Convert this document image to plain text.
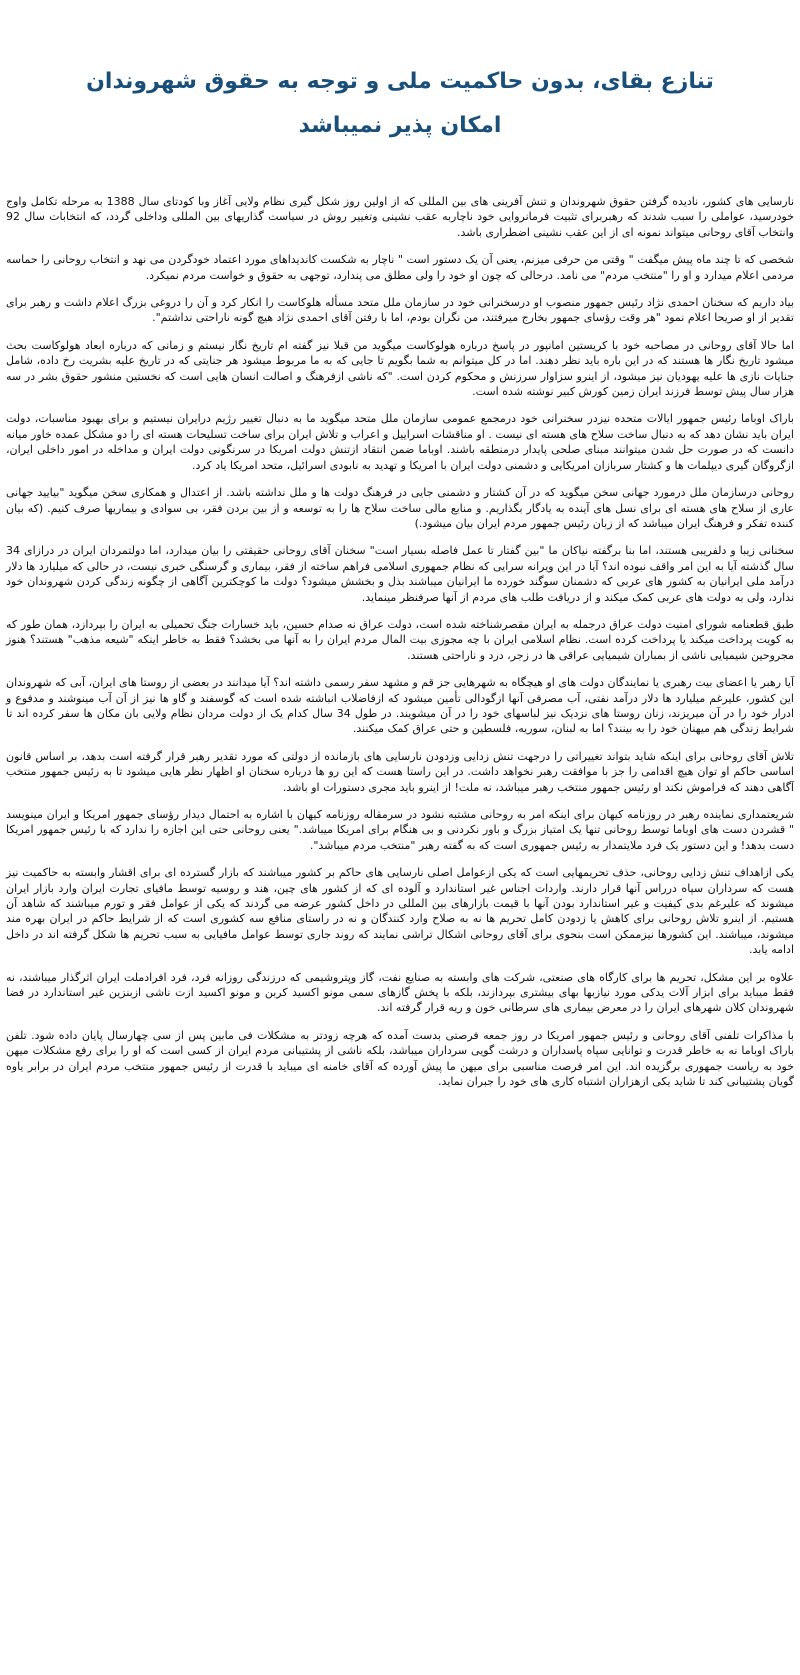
تنازع بقای، بدون حاکمیت ملی و توجه به حقوق شهروندان
امکان پذیر نمیباشد

نارسایی های کشور، نادیده گرفتن حقوق شهروندان و تنش آفرینی های بین المللی که از اولین روز شکل گیری نظام ولایی آغاز وبا کودتای سال 1388 به مرحله تکامل واوج خودرسید، عواملی را سبب شدند که رهبربرای تثبیت فرمانروایی خود ناچاربه عقب نشینی وتغییر روش در سیاست گذاریهای بین المللی وداخلی گردد، که انتخابات سال 92 وانتخاب آقای روحانی میتواند نمونه ای از این عقب نشینی اضطراری باشد.

شخصی که تا چند ماه پیش میگفت " وقتی من حرفی میزنم، یعنی آن یک دستور است " ناچار به شکست کاندیداهای مورد اعتماد خودگردن می نهد و انتخاب روحانی را حماسه مردمی اعلام میدارد و او را "منتخب مردم" می نامد. درحالی که چون او خود را ولی مطلق می پندارد، توجهی به حقوق و خواست مردم نمیکرد.

بیاد داریم که سخنان احمدی نژاد رئیس جمهور منصوب او درسخنرانی خود در سازمان ملل متحد مسأله هلوکاست را انکار کرد و آن را دروغی بزرگ اعلام داشت و رهبر برای تقدیر از او صریحا اعلام نمود "هر وقت رؤسای جمهور بخارج میرفتند، من نگران بودم، اما با رفتن آقای احمدی نژاد هیچ گونه ناراحتی نداشتم".

اما حالا آقای روحانی در مصاحبه خود با کریستین امانپور در پاسخ درباره هولوکاست میگوید من قبلا نیز گفته ام تاریخ نگار نیستم و زمانی که درباره ابعاد هولوکاست بحث میشود تاریخ نگار ها هستند که در این باره باید نظر دهند. اما در کل میتوانم به شما بگویم تا جایی که به ما مربوط میشود هر جنایتی که در تاریخ علیه بشریت رخ داده، شامل جنایات نازی ها علیه یهودیان نیز میشود، از اینرو سزاوار سرزنش و محکوم کردن است. "که ناشی ازفرهنگ و اصالت انسان هایی است که نخستین منشور حقوق بشر در سه هزار سال پیش توسط فرزند ایران زمین کورش کبیر نوشته شده است.

باراک اوباما رئیس جمهور ایالات متحده نیزدر سخنرانی خود درمجمع عمومی سازمان ملل متحد میگوید ما به دنبال تغییر رژیم درایران نیستیم و برای بهبود مناسبات، دولت ایران باید نشان دهد که به دنبال ساخت سلاح های هسته ای نیست . او مناقشات اسراییل و اعراب و تلاش ایران برای ساخت تسلیحات هسته ای را دو مشکل عمده خاور میانه دانست که در صورت حل شدن میتوانند مبنای صلحی پایدار درمنطقه باشند. اوباما ضمن انتقاد ازتنش دولت امریکا در سرنگونی دولت ایران و مداخله در امور داخلی ایران، ازگروگان گیری دیپلمات ها و کشتار سربازان امریکایی و دشمنی دولت ایران با امریکا و تهدید به نابودی اسرائیل، متحد امریکا یاد کرد.

روحانی درسازمان ملل درمورد جهانی سخن میگوید که در آن کشتار و دشمنی جایی در فرهنگ دولت ها و ملل نداشته باشد. از اعتدال و همکاری سخن میگوید "بیایید جهانی عاری از سلاح های هسته ای برای نسل های آینده به یادگار بگذاریم. و منابع مالی ساخت سلاح ها را به توسعه و از بین بردن فقر، بی سوادی و بیماریها صرف کنیم. (که بیان کننده تفکر و فرهنگ ایران میباشد که از زبان رئیس جمهور مردم ایران بیان میشود.)

سخنانی زیبا و دلفریبی هستند، اما بنا برگفته نیاکان ما "بین گفتار تا عمل فاصله بسیار است" سخنان آقای روحانی حقیقتی را بیان میدارد، اما دولتمردان ایران در درازای 34 سال گذشته آیا به این امر واقف نبوده اند؟ آیا در این ویرانه سرایی که نظام جمهوری اسلامی فراهم ساخته از فقر، بیماری و گرسنگی خبری نیست، در حالی که میلیارد ها دلار درآمد ملی ایرانیان به کشور های عربی که دشمنان سوگند خورده ما ایرانیان میباشند بذل و بخشش میشود؟ دولت ما کوچکترین آگاهی از چگونه زندگی کردن شهروندان خود ندارد، ولی به دولت های عربی کمک میکند و از دریافت طلب های مردم از آنها صرفنظر مینماید.

طبق قطعنامه شورای امنیت دولت عراق درجمله به ایران مقصرشناخته شده است، دولت عراق نه صدام حسین، باید خسارات جنگ تحمیلی به ایران را بپردازد، همان طور که به کویت پرداخت میکند یا پرداخت کرده است. نظام اسلامی ایران با چه مجوزی بیت المال مردم ایران را به آنها می بخشد؟ فقط به خاطر اینکه "شیعه مذهب" هستند؟ هنوز مجروحین شیمیایی ناشی از بمباران شیمیایی عراقی ها در زجر، درد و ناراحتی هستند.

آیا رهبر یا اعضای بیت رهبری یا نمایندگان دولت های او هیچگاه به شهرهایی جز قم و مشهد سفر رسمی داشته اند؟ آیا میدانند در بعضی از روستا های ایران، آبی که شهروندان این کشور، علیرغم میلیارد ها دلار درآمد نفتی، آب مصرفی آنها ازگودالی تأمین میشود که ازفاضلاب انباشته شده است که گوسفند و گاو ها نیز از آن آب مینوشند و مدفوع و ادرار خود را در آن میریزند، زنان روستا های نزدیک نیز لباسهای خود را در آن میشویند. در طول 34 سال کدام یک از دولت مردان نظام ولایی بان مکان ها سفر کرده اند تا شرایط زندگی هم میهنان خود را به بینند؟ اما به لبنان، سوریه، فلسطین و حتی عراق کمک میکنند.

تلاش آقای روحانی برای اینکه شاید بتواند تغییراتی را درجهت تنش زدایی وزدودن نارسایی های بازمانده از دولتی که مورد تقدیر رهبر قرار گرفته است بدهد، بر اساس قانون اساسی حاکم او توان هیچ اقدامی را جز با موافقت رهبر نخواهد داشت. در این راستا هست که این رو ها درباره سخنان او اظهار نظر هایی میشود تا به رئیس جمهور منتخب آگاهی دهند که فراموش نکند او رئیس جمهور منتخب رهبر میباشد، نه ملت! از اینرو باید مجری دستورات او باشد.

شریعتمداری نماینده رهبر در روزنامه کیهان برای اینکه امر به روحانی مشتبه نشود در سرمقاله روزنامه کیهان با اشاره به احتمال دیدار رؤسای جمهور امریکا و ایران مینویسد " قشردن دست های اوباما توسط روحانی تنها یک امتیاز بزرگ و باور نکردنی و بی هنگام برای امریکا میباشد." یعنی روحانی حتی این اجازه را ندارد که با رئیس جمهور امریکا دست بدهد! و این دستور یک فرد ملایتمدار به رئیس جمهوری است که به گفته رهبر "منتخب مردم میباشد".

یکی ازاهداف تنش زدایی روحانی، حذف تحریمهایی است که یکی ازعوامل اصلی نارسایی های حاکم بر کشور میباشند که بازار گسترده ای برای اقشار وابسته به حاکمیت نیز هست که سرداران سپاه درراس آنها قرار دارند. واردات اجناس غیر استاندارد و آلوده ای که از کشور های چین، هند و روسیه توسط مافیای تجارت ایران وارد بازار ایران میشوند که علیرغم بدی کیفیت و غیر استاندارد بودن آنها با قیمت بازارهای بین المللی در داخل کشور عرضه می گردند که یکی از عوامل فقر و تورم میباشند که شاهد آن هستیم. از اینرو تلاش روحانی برای کاهش یا زدودن کامل تحریم ها نه به صلاح وارد کنندگان و نه در راستای منافع سه کشوری است که از شرایط حاکم در ایران بهره مند میشوند، میباشند. این کشورها نیزممکن است بنحوی برای آقای روحانی اشکال تراشی نمایند که روند جاری توسط عوامل مافیایی به سبب تحریم ها شکل گرفته اند در داخل ادامه یابد.

علاوه بر این مشکل، تحریم ها برای کارگاه های صنعتی، شرکت های وابسته به صنایع نفت، گاز وپتروشیمی که درزندگی روزانه فرد، فرد افرادملت ایران اثرگذار میباشند، نه فقط میباید برای ابزار آلات یدکی مورد نیازبها بهای بیشتری بپردازند، بلکه با پخش گازهای سمی مونو اکسید کربن و مونو اکسید ازت ناشی ازبنزین غیر استاندارد در فضا شهروندان کلان شهرهای ایران را در معرض بیماری های سرطانی خون و ریه قرار گرفته اند.

با مذاکرات تلفنی آقای روحانی و رئیس جمهور امریکا در روز جمعه فرصتی بدست آمده که هرچه زودتر به مشکلات فی مابین پس از سی چهارسال پایان داده شود. تلفن باراک اوباما نه به خاطر قدرت و توانایی سپاه پاسداران و درشت گویی سرداران میباشد، بلکه ناشی از پشتیبانی مردم ایران از کسی است که او را برای رفع مشکلات میهن خود به ریاست جمهوری برگزیده اند. این امر فرصت مناسبی برای میهن ما پیش آورده که آقای خامنه ای میباید با قدرت از رئیس جمهور منتخب مردم ایران در برابر یاوه گویان پشتیبانی کند تا شاید یکی ازهزاران اشتباه کاری های خود را جبران نماید.
